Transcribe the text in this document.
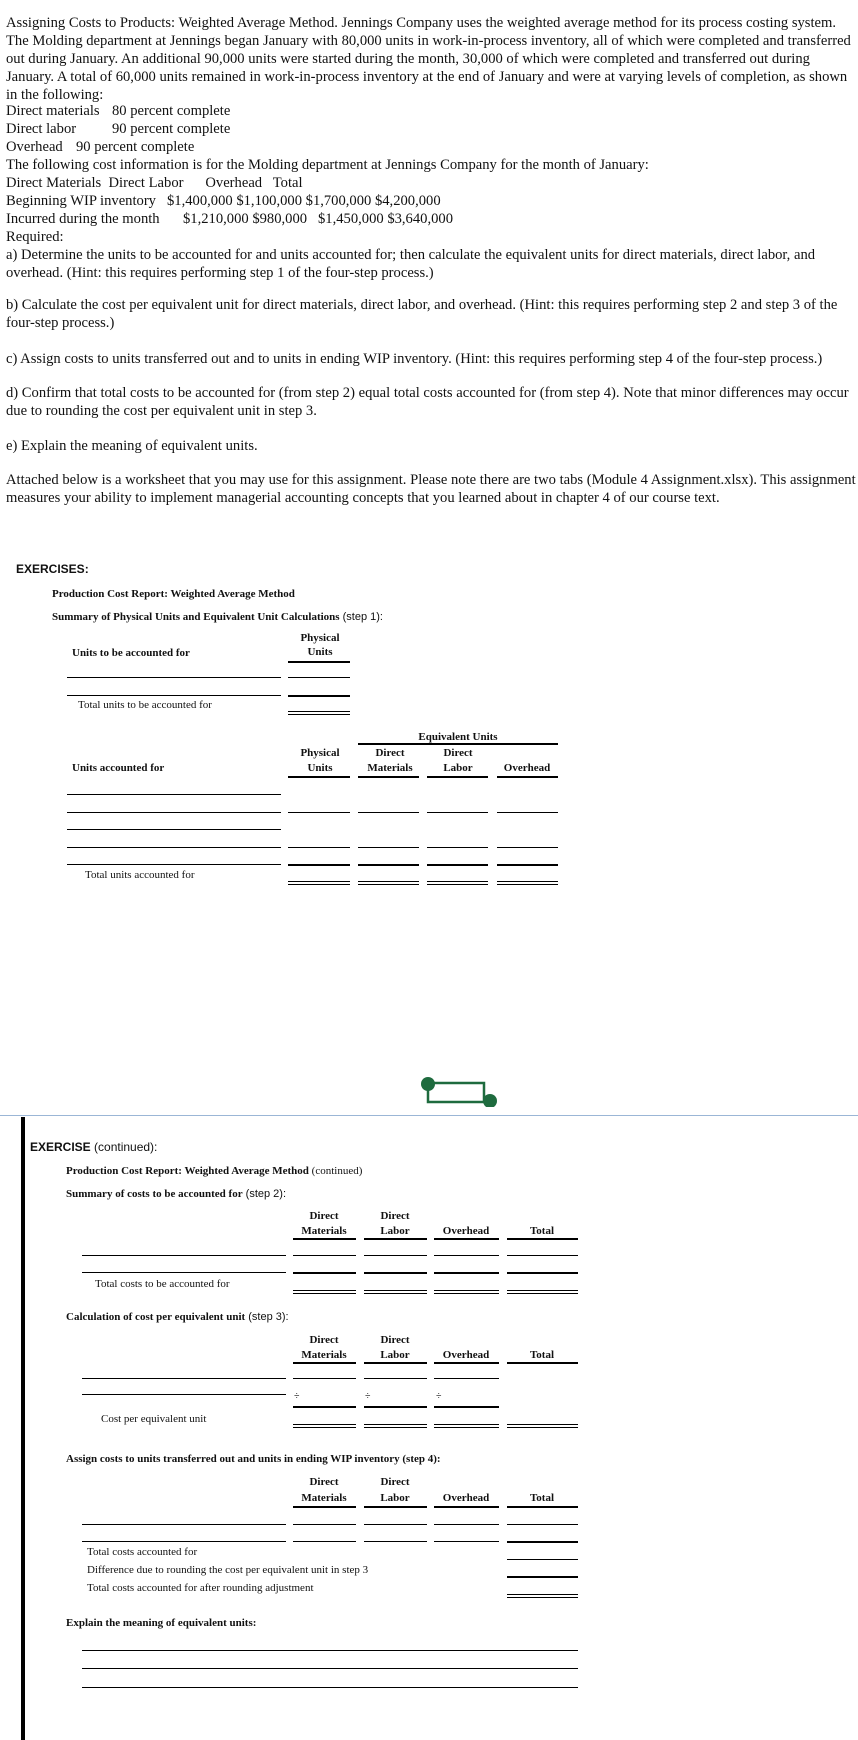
Assigning Costs to Products: Weighted Average Method. Jennings Company uses the weighted average method for its process costing system. The Molding department at Jennings began January with 80,000 units in work-in-process inventory, all of which were completed and transferred out during January. An additional 90,000 units were started during the month, 30,000 of which were completed and transferred out during January. A total of 60,000 units remained in work-in-process inventory at the end of January and were at varying levels of completion, as shown in the following:
Direct materials 80 percent complete
Direct labor 90 percent complete
Overhead 90 percent complete
The following cost information is for the Molding department at Jennings Company for the month of January:
Direct Materials  Direct Labor      Overhead   Total
Beginning WIP inventory $1,400,000 $1,100,000 $1,700,000 $4,200,000
Incurred during the month $1,210,000 $980,000   $1,450,000 $3,640,000
Required:
a) Determine the units to be accounted for and units accounted for; then calculate the equivalent units for direct materials, direct labor, and overhead. (Hint: this requires performing step 1 of the four-step process.)
b) Calculate the cost per equivalent unit for direct materials, direct labor, and overhead. (Hint: this requires performing step 2 and step 3 of the four-step process.)
c) Assign costs to units transferred out and to units in ending WIP inventory. (Hint: this requires performing step 4 of the four-step process.)
d) Confirm that total costs to be accounted for (from step 2) equal total costs accounted for (from step 4). Note that minor differences may occur due to rounding the cost per equivalent unit in step 3.
e) Explain the meaning of equivalent units.
Attached below is a worksheet that you may use for this assignment. Please note there are two tabs (Module 4 Assignment.xlsx). This assignment measures your ability to implement managerial accounting concepts that you learned about in chapter 4 of our course text.
EXERCISES:
Production Cost Report: Weighted Average Method
Summary of Physical Units and Equivalent Unit Calculations (step 1):
Physical
Units
Units to be accounted for
Total units to be accounted for
Equivalent Units
Physical	Direct	Direct
Units	Materials	Labor	Overhead
Units accounted for
Total units accounted for
EXERCISE (continued):
Production Cost Report: Weighted Average Method (continued)
Summary of costs to be accounted for (step 2):
Direct	Direct
Materials	Labor	Overhead	Total
Total costs to be accounted for
Calculation of cost per equivalent unit (step 3):
Direct	Direct
Materials	Labor	Overhead	Total
÷	÷	÷
Cost per equivalent unit
Assign costs to units transferred out and units in ending WIP inventory (step 4):
Direct	Direct
Materials	Labor	Overhead	Total
Total costs accounted for
Difference due to rounding the cost per equivalent unit in step 3
Total costs accounted for after rounding adjustment
Explain the meaning of equivalent units:
